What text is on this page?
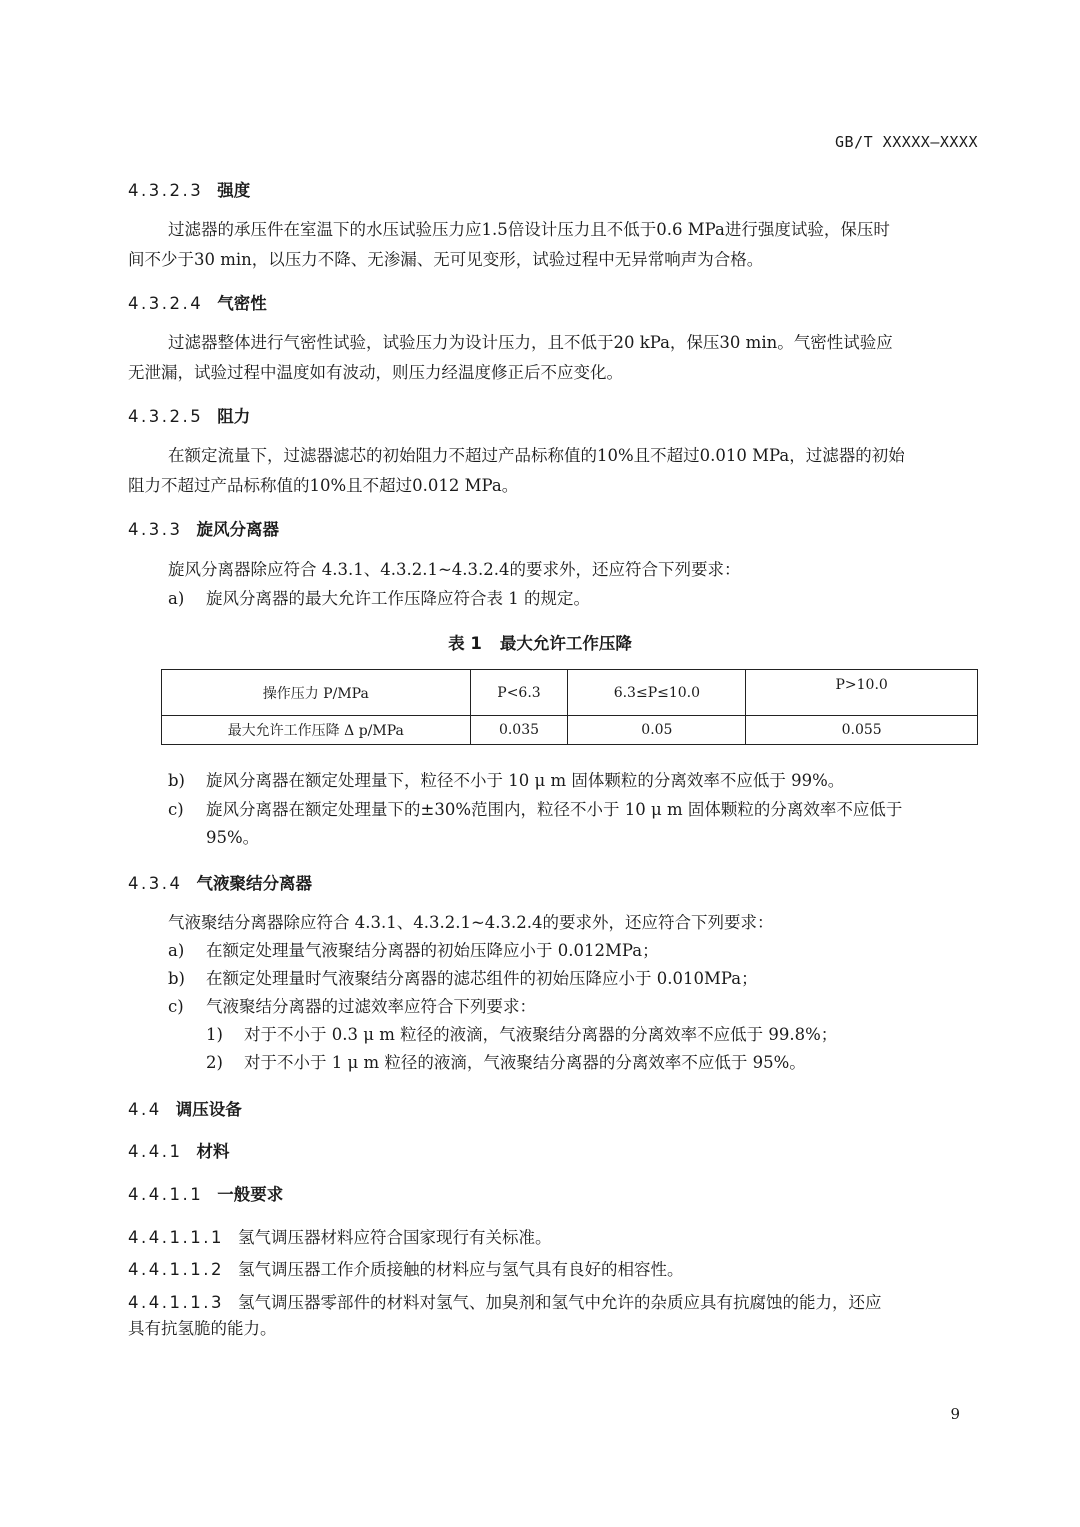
GB/T XXXXX—XXXX
4.3.2.3 强度
过滤器的承压件在室温下的水压试验压力应1.5倍设计压力且不低于0.6 MPa进行强度试验，保压时
间不少于30 min，以压力不降、无渗漏、无可见变形，试验过程中无异常响声为合格。
4.3.2.4 气密性
过滤器整体进行气密性试验，试验压力为设计压力，且不低于20 kPa，保压30 min。气密性试验应
无泄漏，试验过程中温度如有波动，则压力经温度修正后不应变化。
4.3.2.5 阻力
在额定流量下，过滤器滤芯的初始阻力不超过产品标称值的10%且不超过0.010 MPa，过滤器的初始
阻力不超过产品标称值的10%且不超过0.012 MPa。
4.3.3 旋风分离器
旋风分离器除应符合 4.3.1、4.3.2.1~4.3.2.4的要求外，还应符合下列要求：
a) 旋风分离器的最大允许工作压降应符合表 1 的规定。
表 1 最大允许工作压降
操作压力 P/MPa	P<6.3	6.3≤P≤10.0	P>10.0
最大允许工作压降 Δ p/MPa	0.035	0.05	0.055
b) 旋风分离器在额定处理量下，粒径不小于 10 μ m 固体颗粒的分离效率不应低于 99%。
c) 旋风分离器在额定处理量下的±30%范围内，粒径不小于 10 μ m 固体颗粒的分离效率不应低于
95%。
4.3.4 气液聚结分离器
气液聚结分离器除应符合 4.3.1、4.3.2.1~4.3.2.4的要求外，还应符合下列要求：
a) 在额定处理量气液聚结分离器的初始压降应小于 0.012MPa；
b) 在额定处理量时气液聚结分离器的滤芯组件的初始压降应小于 0.010MPa；
c) 气液聚结分离器的过滤效率应符合下列要求：
1) 对于不小于 0.3 μ m 粒径的液滴，气液聚结分离器的分离效率不应低于 99.8%；
2) 对于不小于 1 μ m 粒径的液滴，气液聚结分离器的分离效率不应低于 95%。
4.4 调压设备
4.4.1 材料
4.4.1.1 一般要求
4.4.1.1.1 氢气调压器材料应符合国家现行有关标准。
4.4.1.1.2 氢气调压器工作介质接触的材料应与氢气具有良好的相容性。
4.4.1.1.3 氢气调压器零部件的材料对氢气、加臭剂和氢气中允许的杂质应具有抗腐蚀的能力，还应
具有抗氢脆的能力。
9
